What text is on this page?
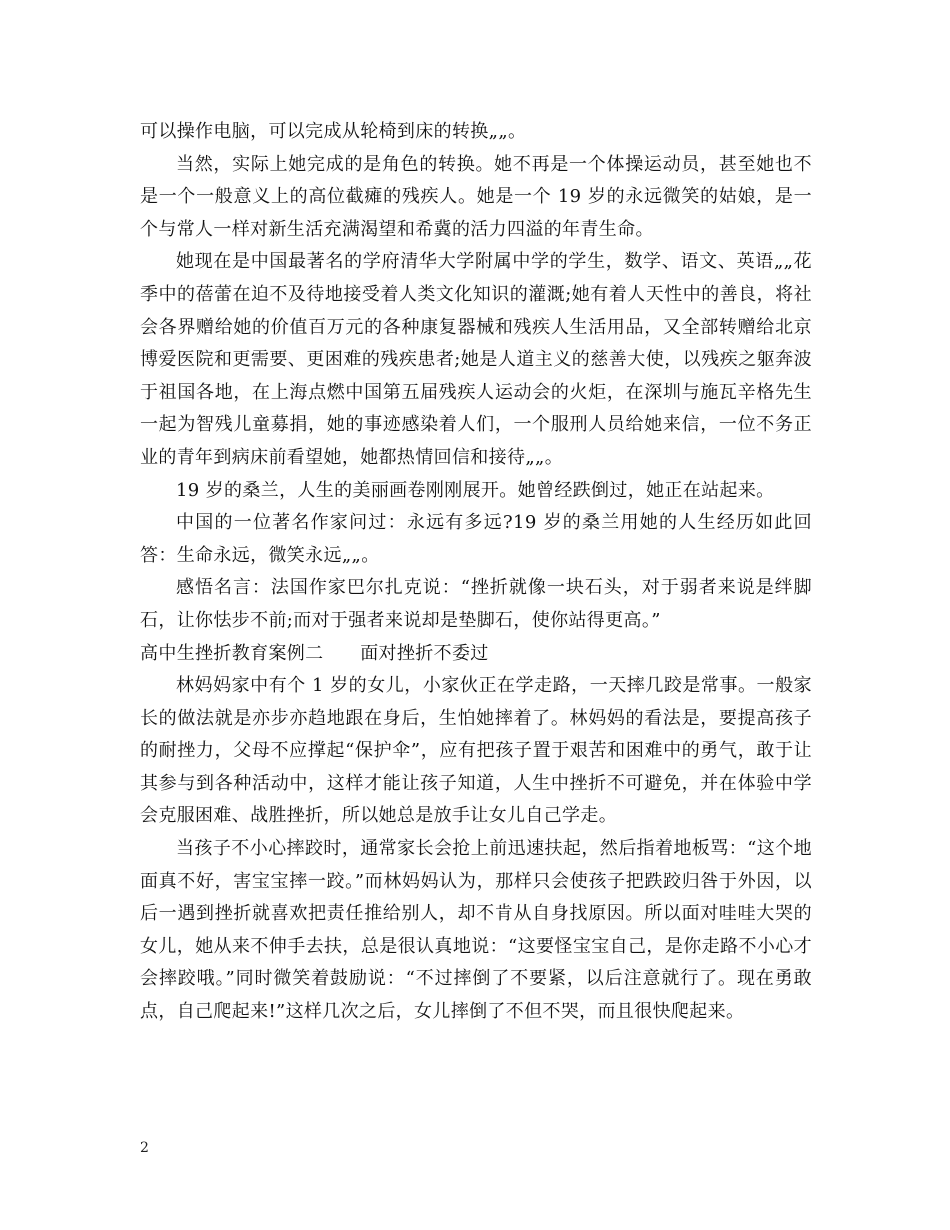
可以操作电脑，可以完成从轮椅到床的转换„„。

当然，实际上她完成的是角色的转换。她不再是一个体操运动员，甚至她也不是一个一般意义上的高位截瘫的残疾人。她是一个 19 岁的永远微笑的姑娘，是一个与常人一样对新生活充满渴望和希冀的活力四溢的年青生命。

她现在是中国最著名的学府清华大学附属中学的学生，数学、语文、英语„„花季中的蓓蕾在迫不及待地接受着人类文化知识的灌溉;她有着人天性中的善良，将社会各界赠给她的价值百万元的各种康复器械和残疾人生活用品，又全部转赠给北京博爱医院和更需要、更困难的残疾患者;她是人道主义的慈善大使，以残疾之躯奔波于祖国各地，在上海点燃中国第五届残疾人运动会的火炬，在深圳与施瓦辛格先生一起为智残儿童募捐，她的事迹感染着人们，一个服刑人员给她来信，一位不务正业的青年到病床前看望她，她都热情回信和接待„„。

19 岁的桑兰，人生的美丽画卷刚刚展开。她曾经跌倒过，她正在站起来。

中国的一位著名作家问过：永远有多远?19 岁的桑兰用她的人生经历如此回答：生命永远，微笑永远„„。

感悟名言：法国作家巴尔扎克说：“挫折就像一块石头，对于弱者来说是绊脚石，让你怯步不前;而对于强者来说却是垫脚石，使你站得更高。”

高中生挫折教育案例二　　面对挫折不委过

林妈妈家中有个 1 岁的女儿，小家伙正在学走路，一天摔几跤是常事。一般家长的做法就是亦步亦趋地跟在身后，生怕她摔着了。林妈妈的看法是，要提高孩子的耐挫力，父母不应撑起“保护伞”，应有把孩子置于艰苦和困难中的勇气，敢于让其参与到各种活动中，这样才能让孩子知道，人生中挫折不可避免，并在体验中学会克服困难、战胜挫折，所以她总是放手让女儿自己学走。

当孩子不小心摔跤时，通常家长会抢上前迅速扶起，然后指着地板骂：“这个地面真不好，害宝宝摔一跤。”而林妈妈认为，那样只会使孩子把跌跤归咎于外因，以后一遇到挫折就喜欢把责任推给别人，却不肯从自身找原因。所以面对哇哇大哭的女儿，她从来不伸手去扶，总是很认真地说：“这要怪宝宝自己，是你走路不小心才会摔跤哦。”同时微笑着鼓励说：“不过摔倒了不要紧，以后注意就行了。现在勇敢点，自己爬起来!”这样几次之后，女儿摔倒了不但不哭，而且很快爬起来。

2
